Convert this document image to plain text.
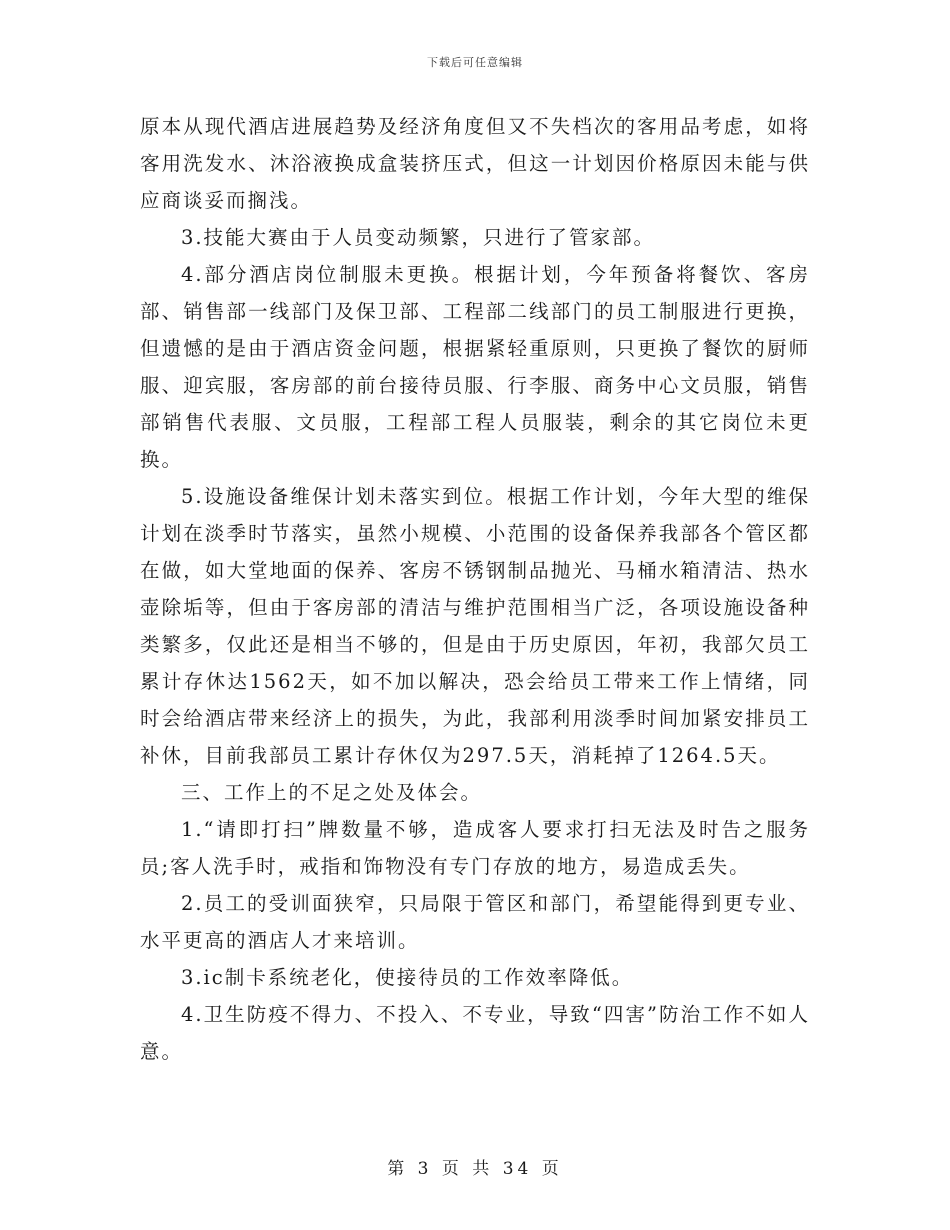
下载后可任意编辑

原本从现代酒店进展趋势及经济角度但又不失档次的客用品考虑，如将客用洗发水、沐浴液换成盒装挤压式，但这一计划因价格原因未能与供应商谈妥而搁浅。

3.技能大赛由于人员变动频繁，只进行了管家部。

4.部分酒店岗位制服未更换。根据计划，今年预备将餐饮、客房部、销售部一线部门及保卫部、工程部二线部门的员工制服进行更换，但遗憾的是由于酒店资金问题，根据紧轻重原则，只更换了餐饮的厨师服、迎宾服，客房部的前台接待员服、行李服、商务中心文员服，销售部销售代表服、文员服，工程部工程人员服装，剩余的其它岗位未更换。

5.设施设备维保计划未落实到位。根据工作计划，今年大型的维保计划在淡季时节落实，虽然小规模、小范围的设备保养我部各个管区都在做，如大堂地面的保养、客房不锈钢制品抛光、马桶水箱清洁、热水壶除垢等，但由于客房部的清洁与维护范围相当广泛，各项设施设备种类繁多，仅此还是相当不够的，但是由于历史原因，年初，我部欠员工累计存休达1562天，如不加以解决，恐会给员工带来工作上情绪，同时会给酒店带来经济上的损失，为此，我部利用淡季时间加紧安排员工补休，目前我部员工累计存休仅为297.5天，消耗掉了1264.5天。

三、工作上的不足之处及体会。

1.“请即打扫”牌数量不够，造成客人要求打扫无法及时告之服务员;客人洗手时，戒指和饰物没有专门存放的地方，易造成丢失。

2.员工的受训面狭窄，只局限于管区和部门，希望能得到更专业、水平更高的酒店人才来培训。

3.ic制卡系统老化，使接待员的工作效率降低。

4.卫生防疫不得力、不投入、不专业，导致“四害”防治工作不如人意。

第 3 页 共 34 页
